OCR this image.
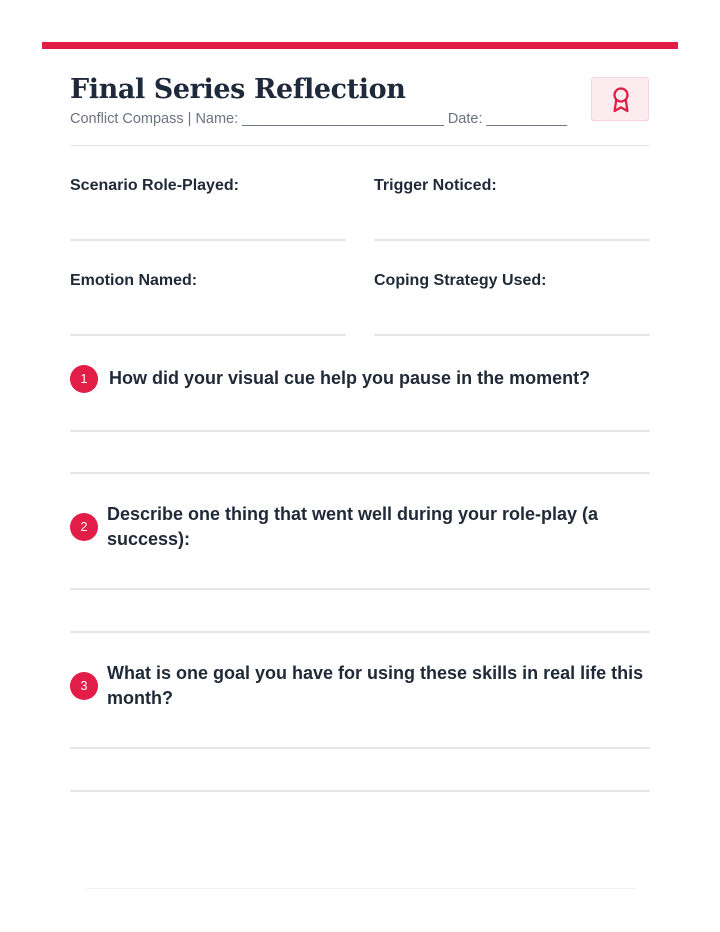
Final Series Reflection
Conflict Compass | Name: _________________________ Date: __________
Scenario Role-Played:	Trigger Noticed:
Emotion Named:	Coping Strategy Used:
1	How did your visual cue help you pause in the moment?
2
Describe one thing that went well during your role-play (a success):
3
What is one goal you have for using these skills in real life this month?
